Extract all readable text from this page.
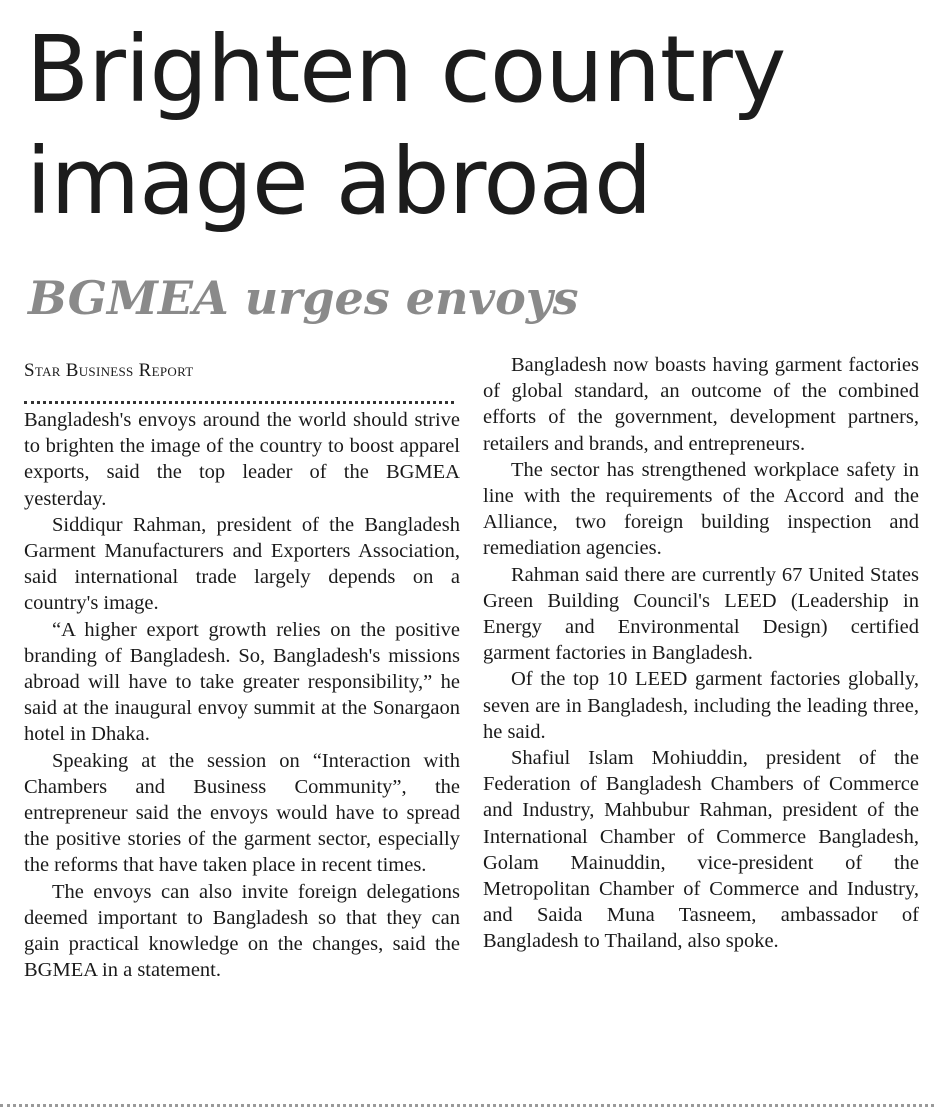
Brighten country image abroad
BGMEA urges envoys
Star Business Report

Bangladesh's envoys around the world should strive to brighten the image of the country to boost apparel exports, said the top leader of the BGMEA yesterday.

Siddiqur Rahman, president of the Bangladesh Garment Manufacturers and Exporters Association, said international trade largely depends on a country's image.

“A higher export growth relies on the positive branding of Bangladesh. So, Bangladesh's missions abroad will have to take greater responsibility,” he said at the inaugural envoy summit at the Sonargaon hotel in Dhaka.

Speaking at the session on “Interaction with Chambers and Business Community”, the entrepreneur said the envoys would have to spread the positive stories of the garment sector, especially the reforms that have taken place in recent times.

The envoys can also invite foreign delegations deemed important to Bangladesh so that they can gain practical knowledge on the changes, said the BGMEA in a statement.

Bangladesh now boasts having garment factories of global standard, an outcome of the combined efforts of the government, development partners, retailers and brands, and entrepreneurs.

The sector has strengthened workplace safety in line with the requirements of the Accord and the Alliance, two foreign building inspection and remediation agencies.

Rahman said there are currently 67 United States Green Building Council's LEED (Leadership in Energy and Environmental Design) certified garment factories in Bangladesh.

Of the top 10 LEED garment factories globally, seven are in Bangladesh, including the leading three, he said.

Shafiul Islam Mohiuddin, president of the Federation of Bangladesh Chambers of Commerce and Industry, Mahbubur Rahman, president of the International Chamber of Commerce Bangladesh, Golam Mainuddin, vice-president of the Metropolitan Chamber of Commerce and Industry, and Saida Muna Tasneem, ambassador of Bangladesh to Thailand, also spoke.
